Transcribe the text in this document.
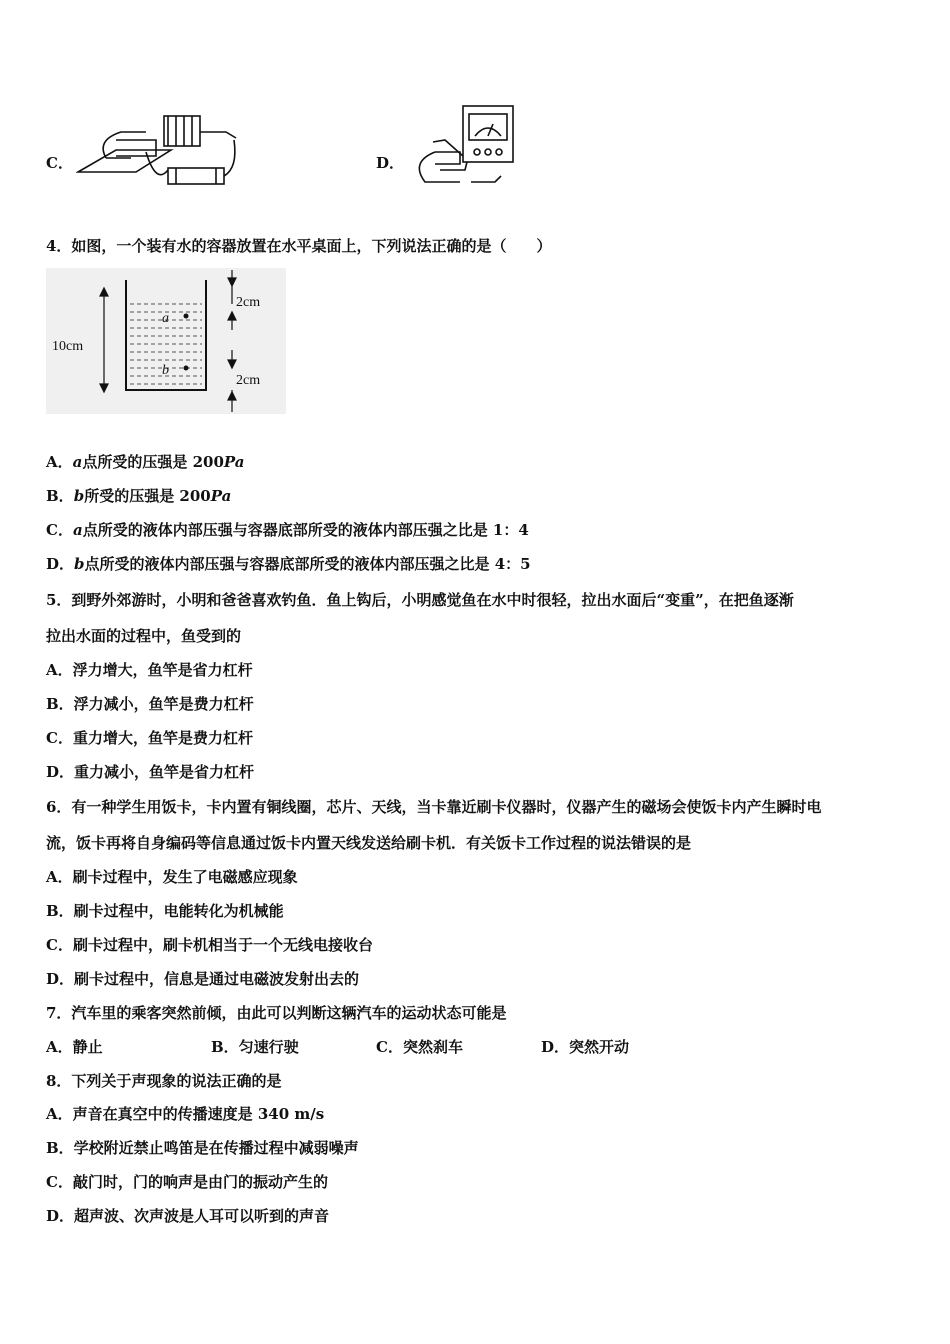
C．	D．
4．如图，一个装有水的容器放置在水平桌面上，下列说法正确的是（　　）
a
b
2cm
10cm
2cm
A．a点所受的压强是 200Pa
B．b所受的压强是 200Pa
C．a点所受的液体内部压强与容器底部所受的液体内部压强之比是 1：4
D．b点所受的液体内部压强与容器底部所受的液体内部压强之比是 4：5
5．到野外郊游时，小明和爸爸喜欢钓鱼．鱼上钩后，小明感觉鱼在水中时很轻，拉出水面后“变重”，在把鱼逐渐
拉出水面的过程中，鱼受到的
A．浮力增大，鱼竿是省力杠杆
B．浮力减小，鱼竿是费力杠杆
C．重力增大，鱼竿是费力杠杆
D．重力减小，鱼竿是省力杠杆
6．有一种学生用饭卡，卡内置有铜线圈，芯片、天线，当卡靠近刷卡仪器时，仪器产生的磁场会使饭卡内产生瞬时电
流，饭卡再将自身编码等信息通过饭卡内置天线发送给刷卡机．有关饭卡工作过程的说法错误的是
A．刷卡过程中，发生了电磁感应现象
B．刷卡过程中，电能转化为机械能
C．刷卡过程中，刷卡机相当于一个无线电接收台
D．刷卡过程中，信息是通过电磁波发射出去的
7．汽车里的乘客突然前倾，由此可以判断这辆汽车的运动状态可能是
A．静止	B．匀速行驶	C．突然刹车	D．突然开动
8．下列关于声现象的说法正确的是
A．声音在真空中的传播速度是 340 m/s
B．学校附近禁止鸣笛是在传播过程中减弱噪声
C．敲门时，门的响声是由门的振动产生的
D．超声波、次声波是人耳可以听到的声音
